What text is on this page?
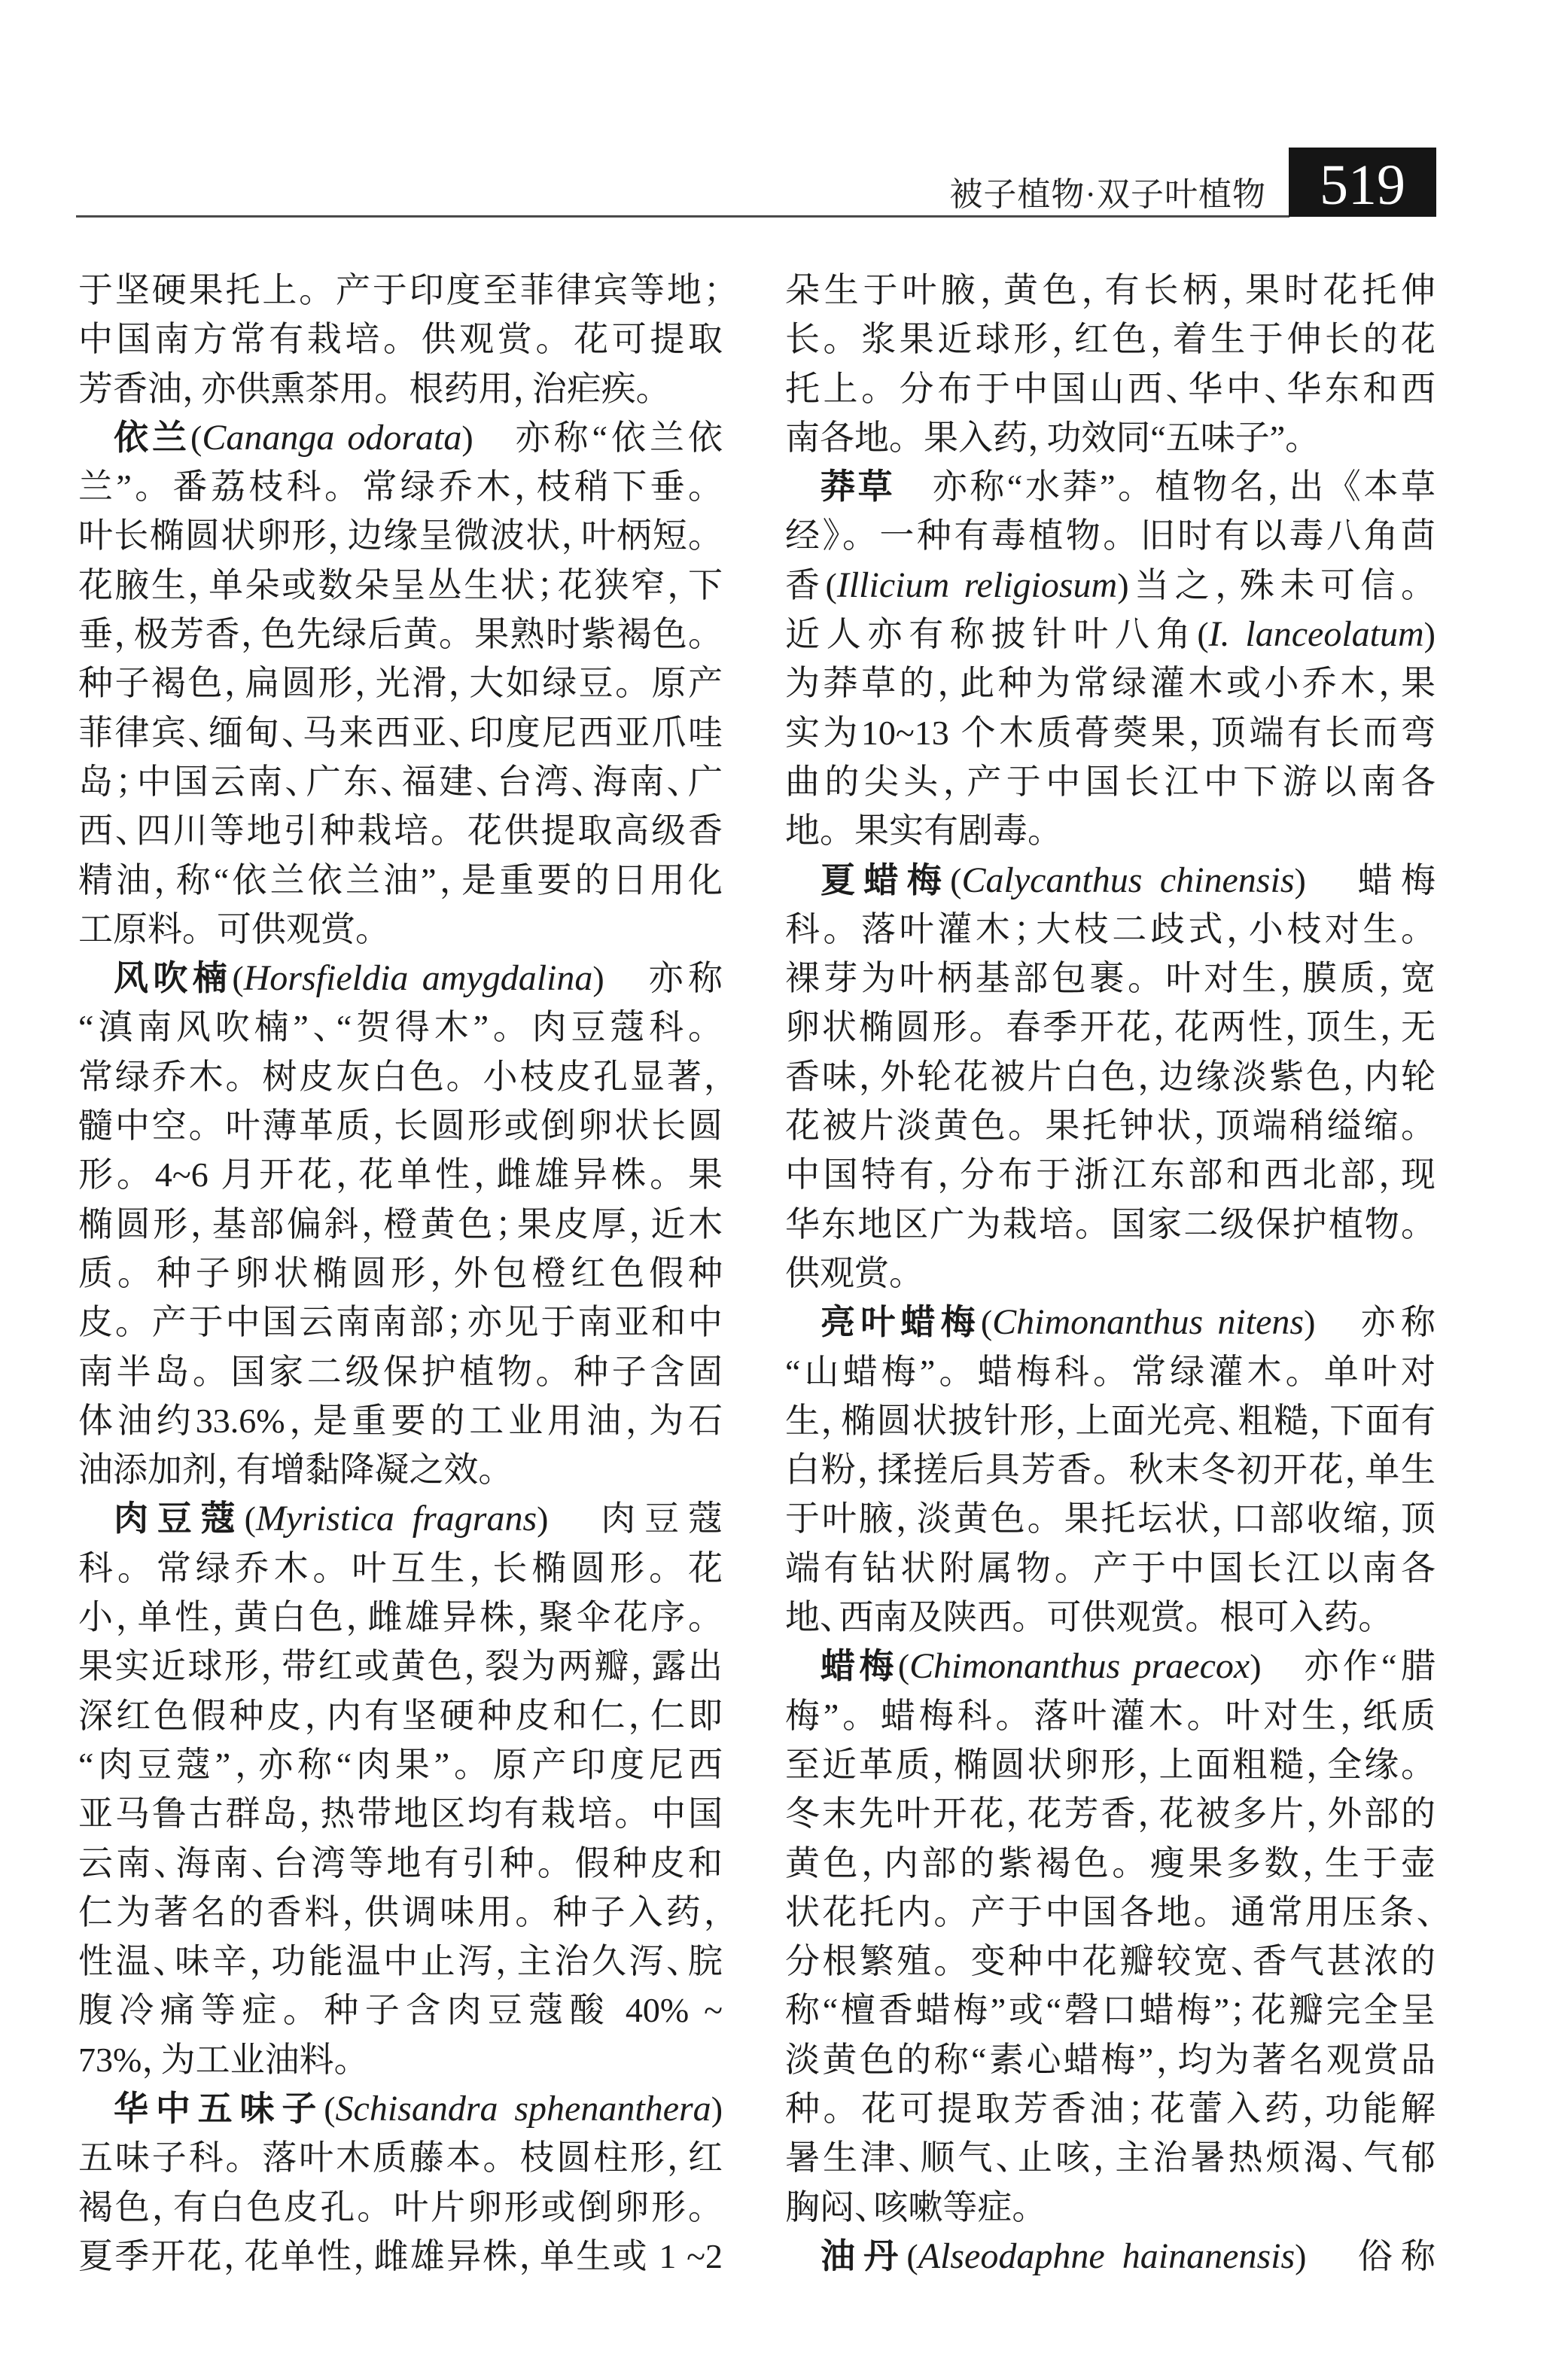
被子植物·双子叶植物 519
于坚硬果托上。产于印度至菲律宾等地；
中国南方常有栽培。供观赏。花可提取
芳香油，亦供熏茶用。根药用，治疟疾。
依兰(Cananga odorata)　亦称“依兰依
兰”。番荔枝科。常绿乔木，枝稍下垂。
叶长椭圆状卵形，边缘呈微波状，叶柄短。
花腋生，单朵或数朵呈丛生状；花狭窄，下
垂，极芳香，色先绿后黄。果熟时紫褐色。
种子褐色，扁圆形，光滑，大如绿豆。原产
菲律宾、缅甸、马来西亚、印度尼西亚爪哇
岛；中国云南、广东、福建、台湾、海南、广
西、四川等地引种栽培。花供提取高级香
精油，称“依兰依兰油”，是重要的日用化
工原料。可供观赏。
风吹楠(Horsfieldia amygdalina)　亦称
“滇南风吹楠”、“贺得木”。肉豆蔻科。
常绿乔木。树皮灰白色。小枝皮孔显著，
髓中空。叶薄革质，长圆形或倒卵状长圆
形。4~6 月开花，花单性，雌雄异株。果
椭圆形，基部偏斜，橙黄色；果皮厚，近木
质。种子卵状椭圆形，外包橙红色假种
皮。产于中国云南南部；亦见于南亚和中
南半岛。国家二级保护植物。种子含固
体油约33.6%，是重要的工业用油，为石
油添加剂，有增黏降凝之效。
肉豆蔻(Myristica fragrans)　肉豆蔻
科。常绿乔木。叶互生，长椭圆形。花
小，单性，黄白色，雌雄异株，聚伞花序。
果实近球形，带红或黄色，裂为两瓣，露出
深红色假种皮，内有坚硬种皮和仁，仁即
“肉豆蔻”，亦称“肉果”。原产印度尼西
亚马鲁古群岛，热带地区均有栽培。中国
云南、海南、台湾等地有引种。假种皮和
仁为著名的香料，供调味用。种子入药，
性温、味辛，功能温中止泻，主治久泻、脘
腹冷痛等症。种子含肉豆蔻酸 40% ~
73%，为工业油料。
华中五味子(Schisandra sphenanthera)
五味子科。落叶木质藤本。枝圆柱形，红
褐色，有白色皮孔。叶片卵形或倒卵形。
夏季开花，花单性，雌雄异株，单生或 1 ~2
朵生于叶腋，黄色，有长柄，果时花托伸
长。浆果近球形，红色，着生于伸长的花
托上。分布于中国山西、华中、华东和西
南各地。果入药，功效同“五味子”。
莽草　亦称“水莽”。植物名，出《本草
经》。一种有毒植物。旧时有以毒八角茴
香(Illicium religiosum)当之，殊未可信。
近人亦有称披针叶八角(I. lanceolatum)
为莽草的，此种为常绿灌木或小乔木，果
实为10~13 个木质蓇葖果，顶端有长而弯
曲的尖头，产于中国长江中下游以南各
地。果实有剧毒。
夏蜡梅(Calycanthus chinensis)　蜡梅
科。落叶灌木；大枝二歧式，小枝对生。
裸芽为叶柄基部包裹。叶对生，膜质，宽
卵状椭圆形。春季开花，花两性，顶生，无
香味，外轮花被片白色，边缘淡紫色，内轮
花被片淡黄色。果托钟状，顶端稍缢缩。
中国特有，分布于浙江东部和西北部，现
华东地区广为栽培。国家二级保护植物。
供观赏。
亮叶蜡梅(Chimonanthus nitens)　亦称
“山蜡梅”。蜡梅科。常绿灌木。单叶对
生，椭圆状披针形，上面光亮、粗糙，下面有
白粉，揉搓后具芳香。秋末冬初开花，单生
于叶腋，淡黄色。果托坛状，口部收缩，顶
端有钻状附属物。产于中国长江以南各
地、西南及陕西。可供观赏。根可入药。
蜡梅(Chimonanthus praecox)　亦作“腊
梅”。蜡梅科。落叶灌木。叶对生，纸质
至近革质，椭圆状卵形，上面粗糙，全缘。
冬末先叶开花，花芳香，花被多片，外部的
黄色，内部的紫褐色。瘦果多数，生于壶
状花托内。产于中国各地。通常用压条、
分根繁殖。变种中花瓣较宽、香气甚浓的
称“檀香蜡梅”或“磬口蜡梅”；花瓣完全呈
淡黄色的称“素心蜡梅”，均为著名观赏品
种。花可提取芳香油；花蕾入药，功能解
暑生津、顺气、止咳，主治暑热烦渴、气郁
胸闷、咳嗽等症。
油丹(Alseodaphne hainanensis)　俗称
